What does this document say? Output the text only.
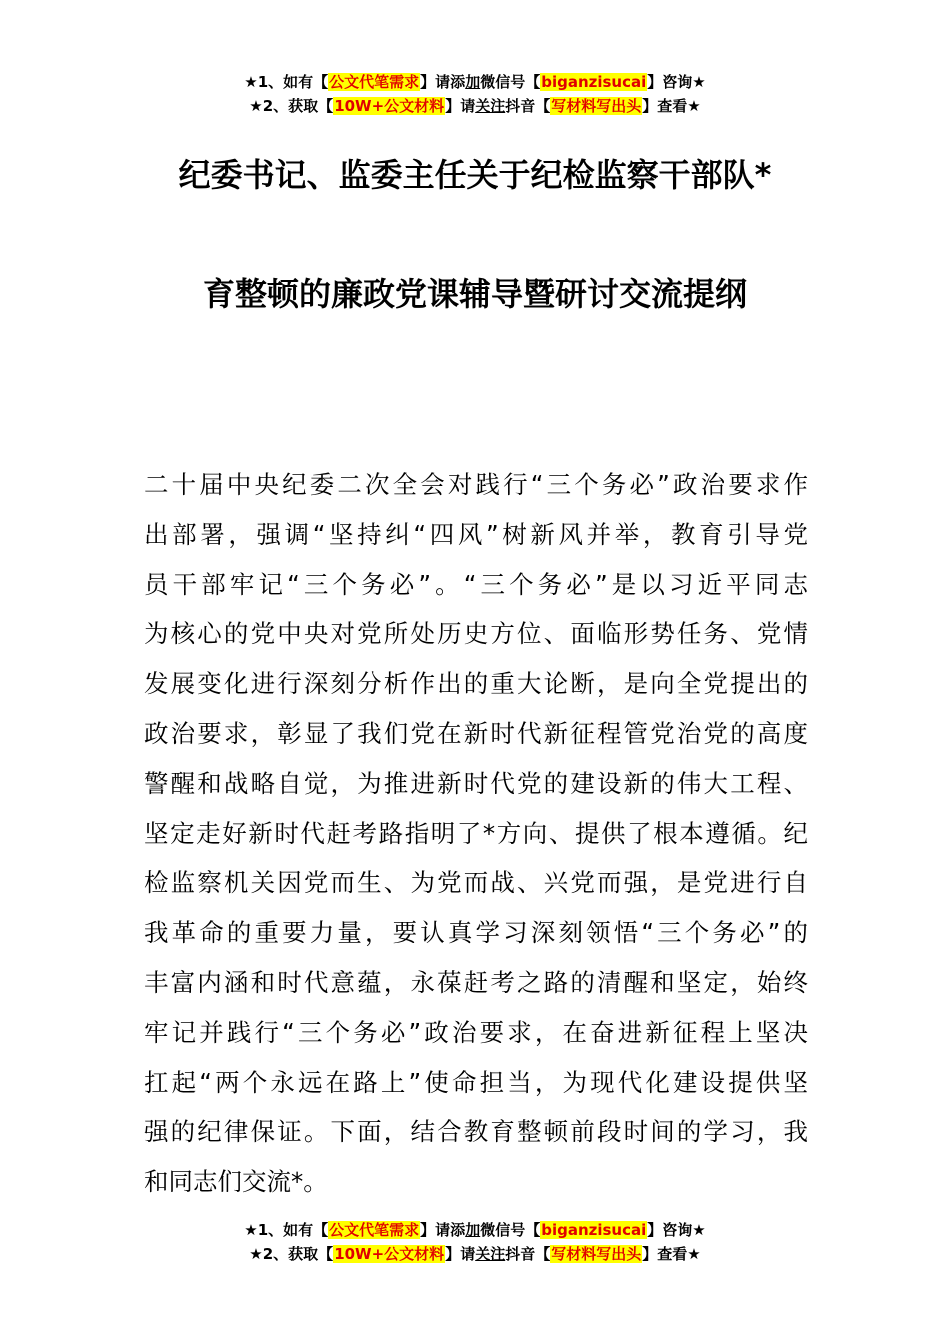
★1、如有【公文代笔需求】请添加微信号【biganzisucai】咨询★
★2、获取【10W+公文材料】请关注抖音【写材料写出头】查看★
纪委书记、监委主任关于纪检监察干部队*
育整顿的廉政党课辅导暨研讨交流提纲

二十届中央纪委二次全会对践行“三个务必”政治要求作
出部署，强调“坚持纠“四风”树新风并举，教育引导党
员干部牢记“三个务必”。“三个务必”是以习近平同志
为核心的党中央对党所处历史方位、面临形势任务、党情
发展变化进行深刻分析作出的重大论断，是向全党提出的
政治要求，彰显了我们党在新时代新征程管党治党的高度
警醒和战略自觉，为推进新时代党的建设新的伟大工程、
坚定走好新时代赶考路指明了*方向、提供了根本遵循。纪
检监察机关因党而生、为党而战、兴党而强，是党进行自
我革命的重要力量，要认真学习深刻领悟“三个务必”的
丰富内涵和时代意蕴，永葆赶考之路的清醒和坚定，始终
牢记并践行“三个务必”政治要求，在奋进新征程上坚决
扛起“两个永远在路上”使命担当，为现代化建设提供坚
强的纪律保证。下面，结合教育整顿前段时间的学习，我
和同志们交流*。

★1、如有【公文代笔需求】请添加微信号【biganzisucai】咨询★
★2、获取【10W+公文材料】请关注抖音【写材料写出头】查看★
